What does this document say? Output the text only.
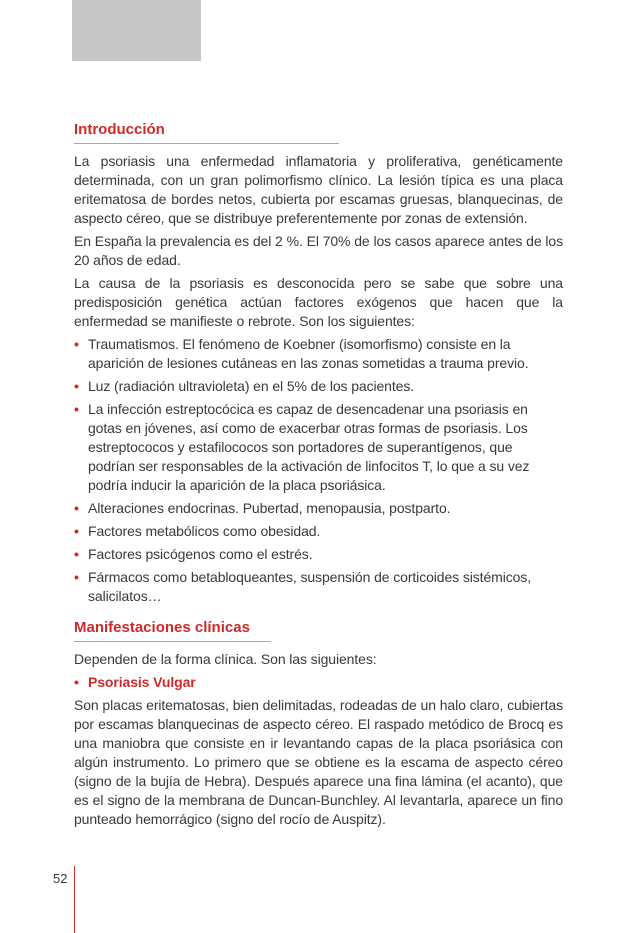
Introducción

La psoriasis una enfermedad inflamatoria y proliferativa, genéticamente determinada, con un gran polimorfismo clínico. La lesión típica es una placa eritematosa de bordes netos, cubierta por escamas gruesas, blanquecinas, de aspecto céreo, que se distribuye preferentemente por zonas de extensión.

En España la prevalencia es del 2 %. El 70% de los casos aparece antes de los 20 años de edad.

La causa de la psoriasis es desconocida pero se sabe que sobre una predisposición genética actúan factores exógenos que hacen que la enfermedad se manifieste o rebrote. Son los siguientes:

• Traumatismos. El fenómeno de Koebner (isomorfismo) consiste en la aparición de lesiones cutáneas en las zonas sometidas a trauma previo.
• Luz (radiación ultravioleta) en el 5% de los pacientes.
• La infección estreptocócica es capaz de desencadenar una psoriasis en gotas en jóvenes, así como de exacerbar otras formas de psoriasis. Los estreptococos y estafilococos son portadores de superantígenos, que podrían ser responsables de la activación de linfocitos T, lo que a su vez podría inducir la aparición de la placa psoriásica.
• Alteraciones endocrinas. Pubertad, menopausia, postparto.
• Factores metabólicos como obesidad.
• Factores psicógenos como el estrés.
• Fármacos como betabloqueantes, suspensión de corticoides sistémicos, salicilatos…
Manifestaciones clínicas

Dependen de la forma clínica. Son las siguientes:

• Psoriasis Vulgar

Son placas eritematosas, bien delimitadas, rodeadas de un halo claro, cubiertas por escamas blanquecinas de aspecto céreo. El raspado metódico de Brocq es una maniobra que consiste en ir levantando capas de la placa psoriásica con algún instrumento. Lo primero que se obtiene es la escama de aspecto céreo (signo de la bujía de Hebra). Después aparece una fina lámina (el acanto), que es el signo de la membrana de Duncan-Bunchley. Al levantarla, aparece un fino punteado hemorrágico (signo del rocío de Auspitz).

52
